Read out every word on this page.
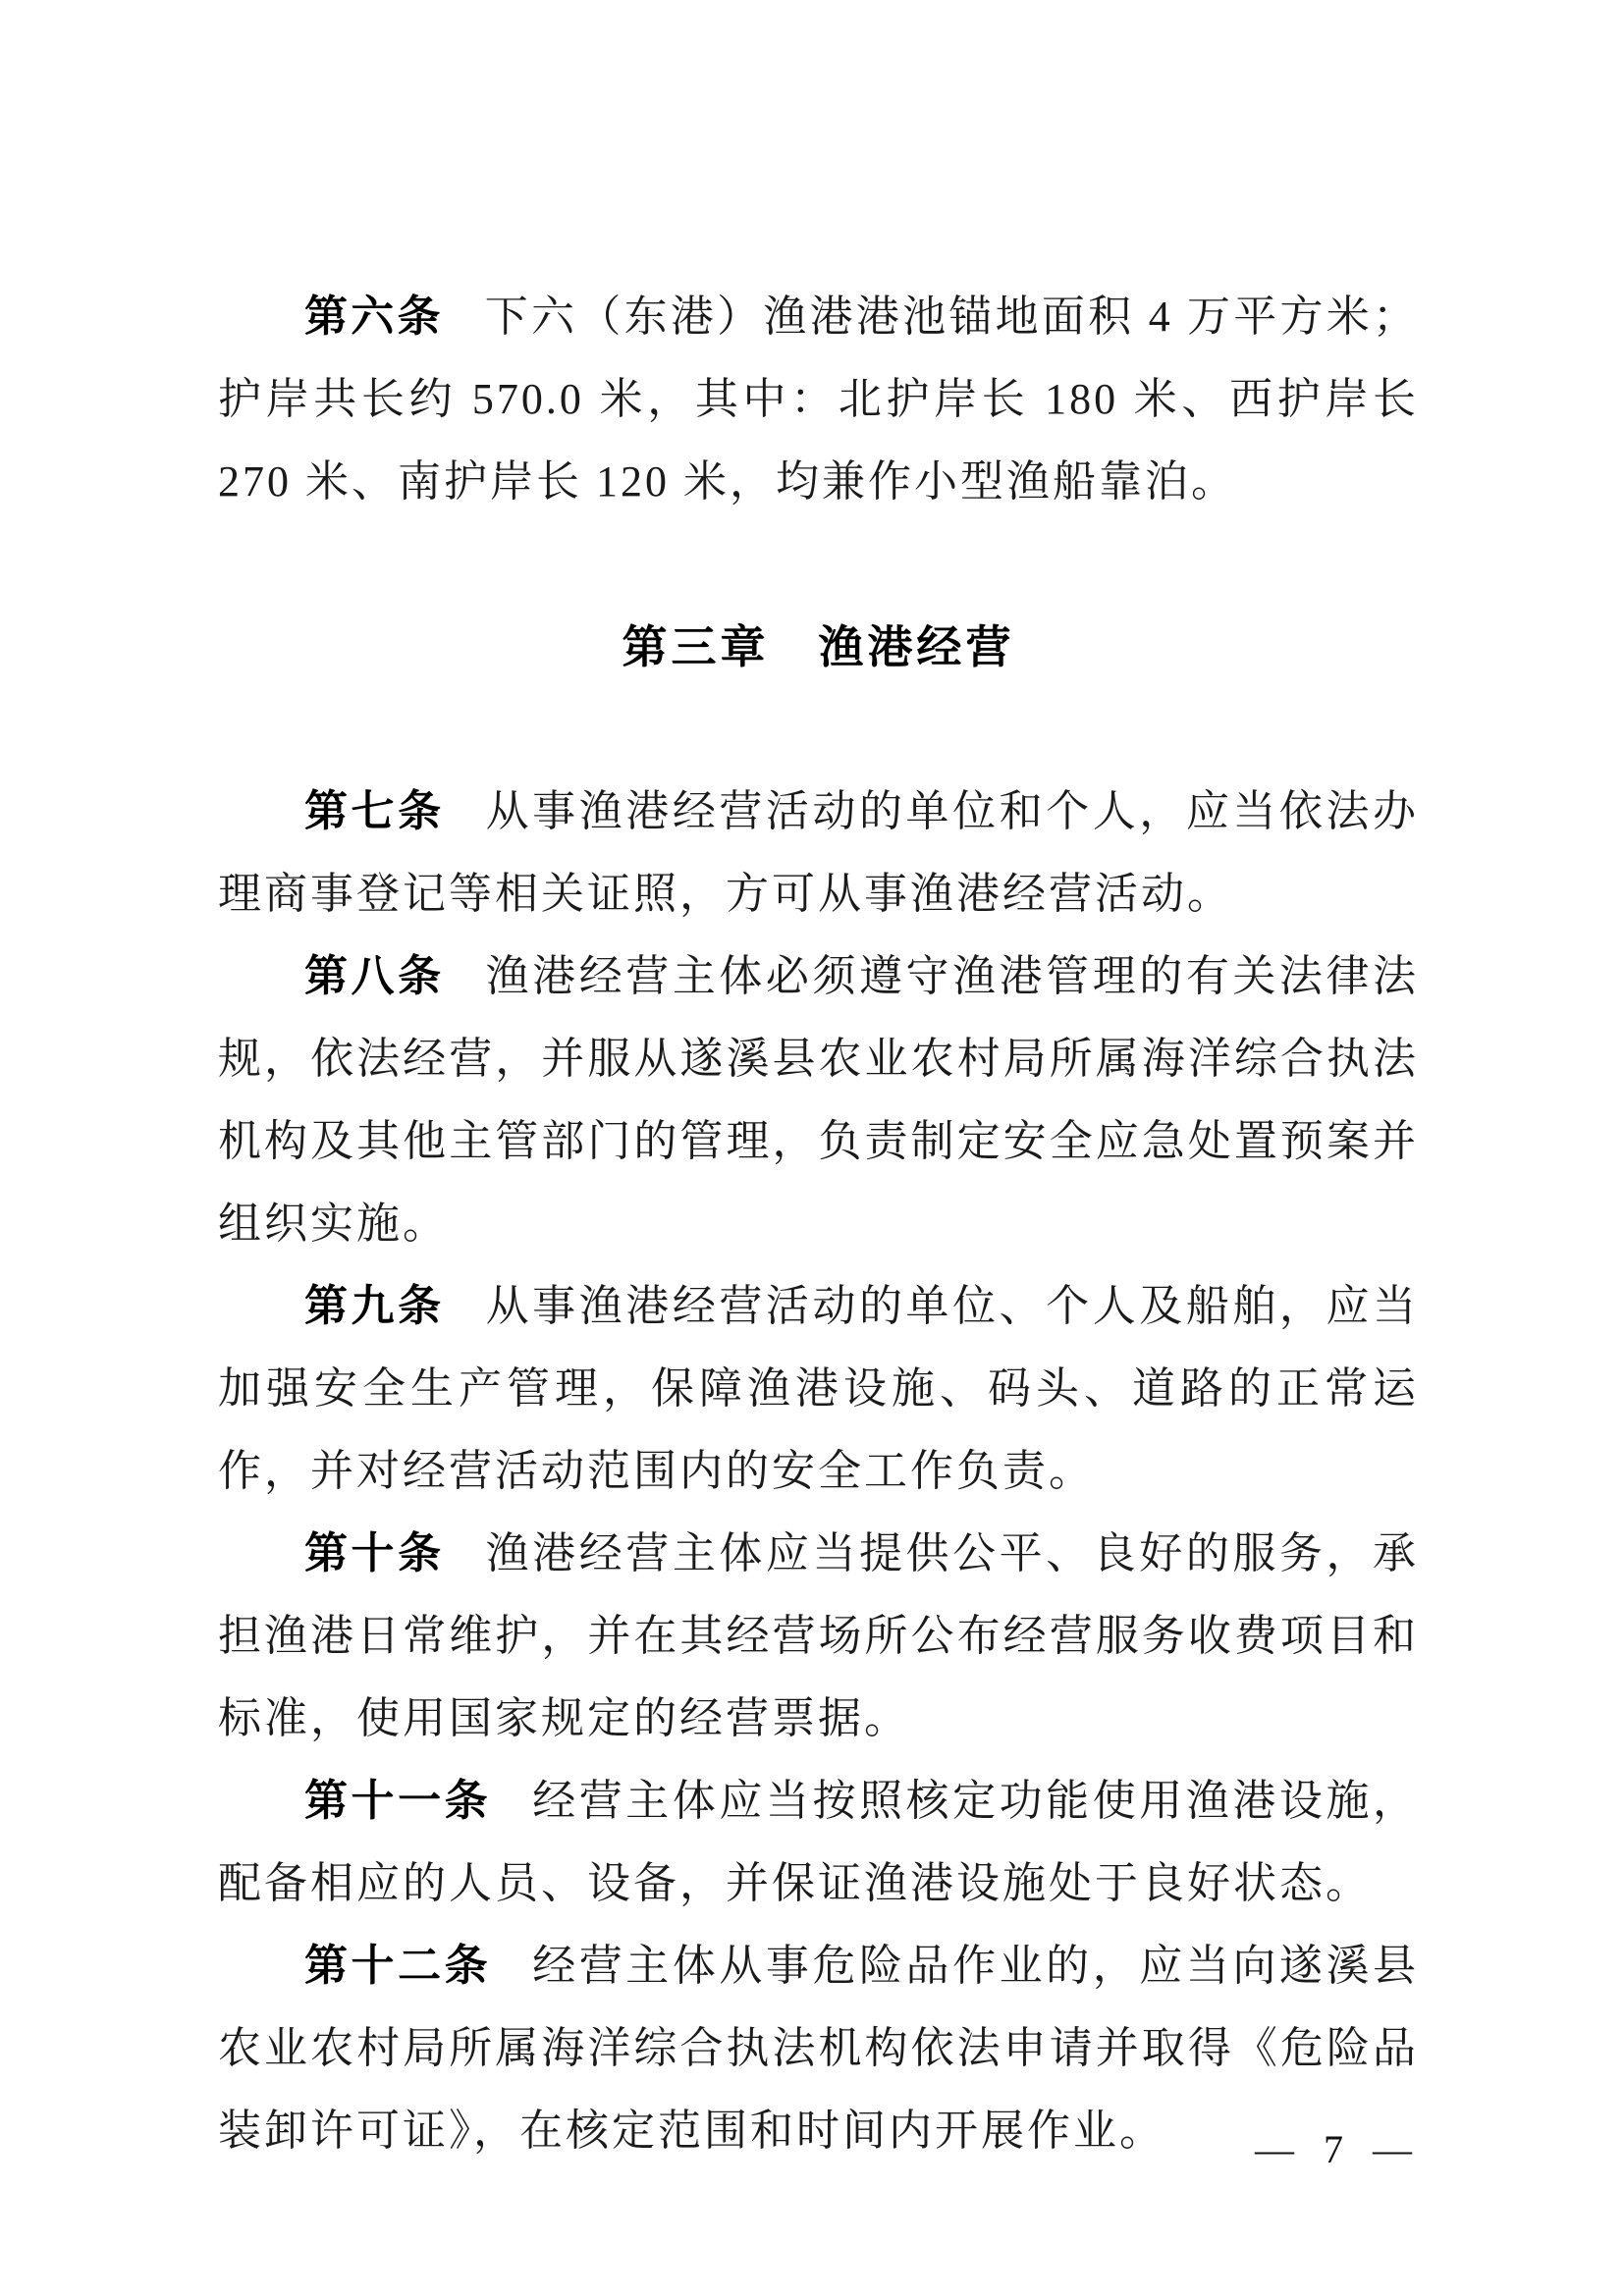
第六条 下六（东港）渔港港池锚地面积 4 万平方米；护岸共长约 570.0 米，其中：北护岸长 180 米、西护岸长 270 米、南护岸长 120 米，均兼作小型渔船靠泊。

第三章　渔港经营

第七条 从事渔港经营活动的单位和个人，应当依法办理商事登记等相关证照，方可从事渔港经营活动。

第八条 渔港经营主体必须遵守渔港管理的有关法律法规，依法经营，并服从遂溪县农业农村局所属海洋综合执法机构及其他主管部门的管理，负责制定安全应急处置预案并组织实施。

第九条 从事渔港经营活动的单位、个人及船舶，应当加强安全生产管理，保障渔港设施、码头、道路的正常运作，并对经营活动范围内的安全工作负责。

第十条 渔港经营主体应当提供公平、良好的服务，承担渔港日常维护，并在其经营场所公布经营服务收费项目和标准，使用国家规定的经营票据。

第十一条 经营主体应当按照核定功能使用渔港设施，配备相应的人员、设备，并保证渔港设施处于良好状态。

第十二条 经营主体从事危险品作业的，应当向遂溪县农业农村局所属海洋综合执法机构依法申请并取得《危险品装卸许可证》，在核定范围和时间内开展作业。	— 7 —
